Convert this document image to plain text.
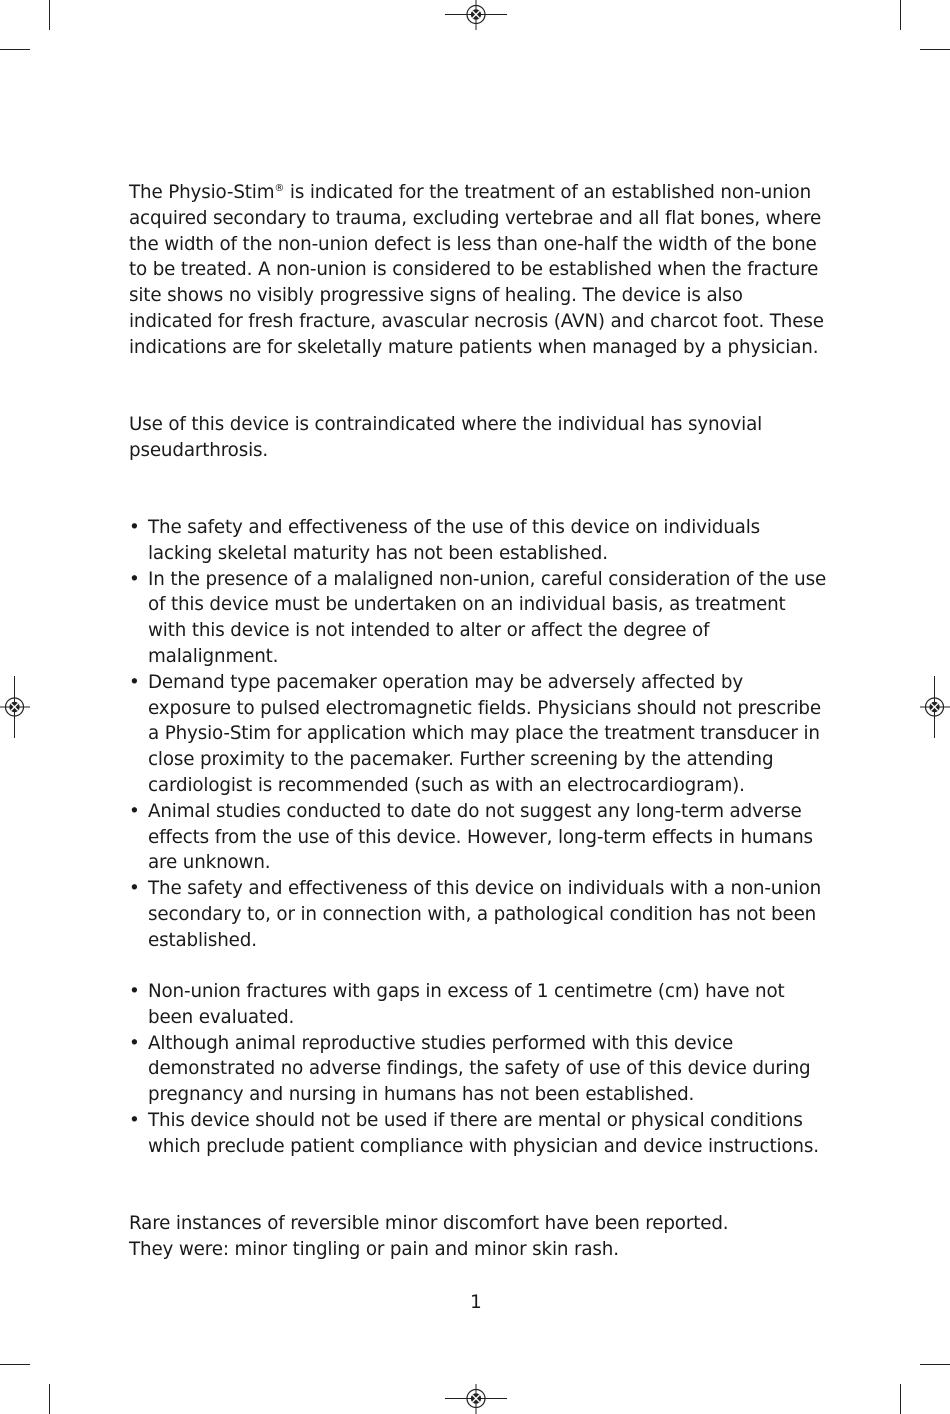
The Physio-Stim® is indicated for the treatment of an established non-union acquired secondary to trauma, excluding vertebrae and all flat bones, where the width of the non-union defect is less than one-half the width of the bone to be treated. A non-union is considered to be established when the fracture site shows no visibly progressive signs of healing. The device is also indicated for fresh fracture, avascular necrosis (AVN) and charcot foot. These indications are for skeletally mature patients when managed by a physician.

Use of this device is contraindicated where the individual has synovial pseudarthrosis.

• The safety and effectiveness of the use of this device on individuals lacking skeletal maturity has not been established.
• In the presence of a malaligned non-union, careful consideration of the use of this device must be undertaken on an individual basis, as treatment with this device is not intended to alter or affect the degree of malalignment.
• Demand type pacemaker operation may be adversely affected by exposure to pulsed electromagnetic fields. Physicians should not prescribe a Physio-Stim for application which may place the treatment transducer in close proximity to the pacemaker. Further screening by the attending cardiologist is recommended (such as with an electrocardiogram).
• Animal studies conducted to date do not suggest any long-term adverse effects from the use of this device. However, long-term effects in humans are unknown.
• The safety and effectiveness of this device on individuals with a non-union secondary to, or in connection with, a pathological condition has not been established.
• Non-union fractures with gaps in excess of 1 centimetre (cm) have not been evaluated.
• Although animal reproductive studies performed with this device demonstrated no adverse findings, the safety of use of this device during pregnancy and nursing in humans has not been established.
• This device should not be used if there are mental or physical conditions which preclude patient compliance with physician and device instructions.

Rare instances of reversible minor discomfort have been reported.

They were: minor tingling or pain and minor skin rash.

1
